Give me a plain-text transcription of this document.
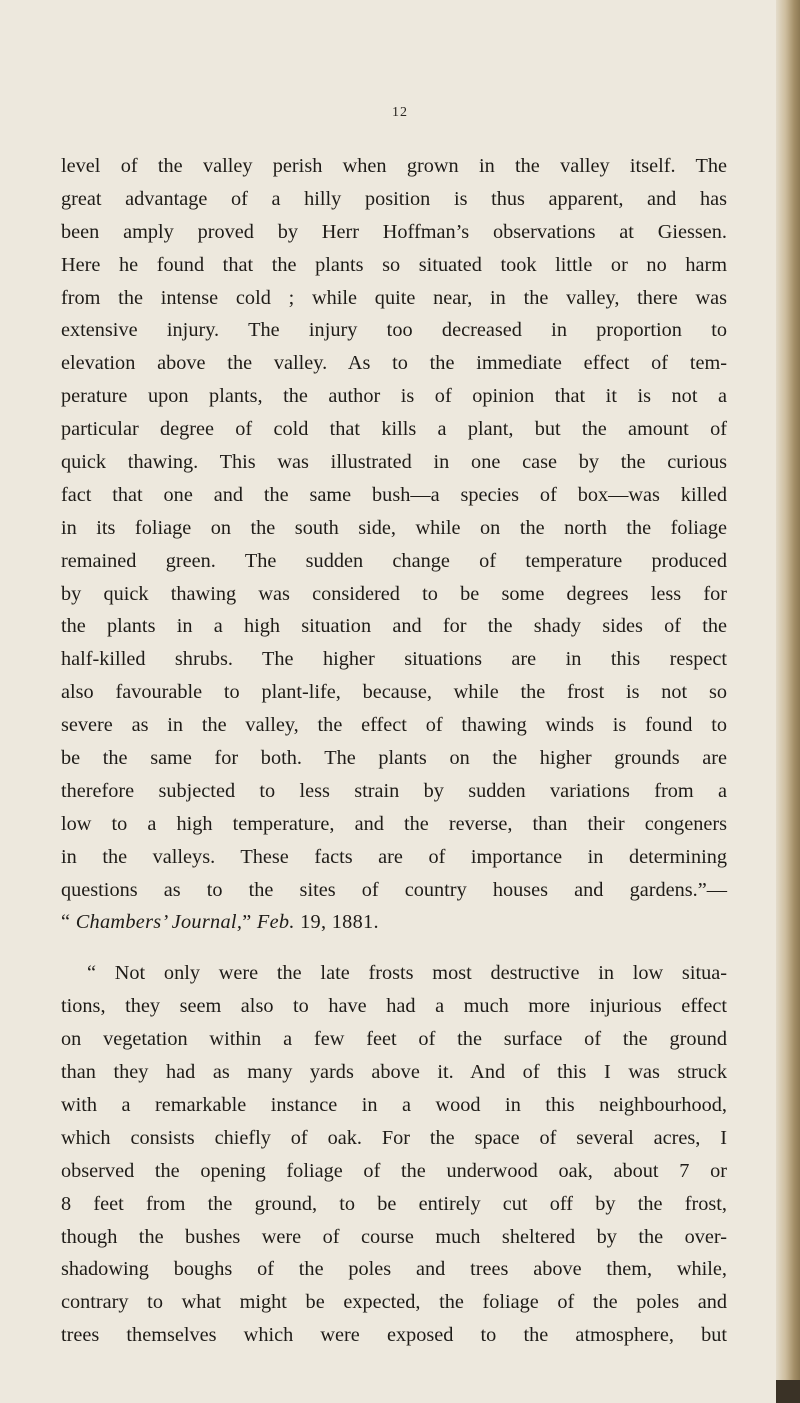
12
level of the valley perish when grown in the valley itself. The
great advantage of a hilly position is thus apparent, and has
been amply proved by Herr Hoffman’s observations at Giessen.
Here he found that the plants so situated took little or no harm
from the intense cold ; while quite near, in the valley, there was
extensive injury. The injury too decreased in proportion to
elevation above the valley. As to the immediate effect of tem-
perature upon plants, the author is of opinion that it is not a
particular degree of cold that kills a plant, but the amount of
quick thawing. This was illustrated in one case by the curious
fact that one and the same bush—a species of box—was killed
in its foliage on the south side, while on the north the foliage
remained green. The sudden change of temperature produced
by quick thawing was considered to be some degrees less for
the plants in a high situation and for the shady sides of the
half-killed shrubs. The higher situations are in this respect
also favourable to plant-life, because, while the frost is not so
severe as in the valley, the effect of thawing winds is found to
be the same for both. The plants on the higher grounds are
therefore subjected to less strain by sudden variations from a
low to a high temperature, and the reverse, than their congeners
in the valleys. These facts are of importance in determining
questions as to the sites of country houses and gardens.”—
“ Chambers’ Journal,” Feb. 19, 1881.
“ Not only were the late frosts most destructive in low situa-
tions, they seem also to have had a much more injurious effect
on vegetation within a few feet of the surface of the ground
than they had as many yards above it. And of this I was struck
with a remarkable instance in a wood in this neighbourhood,
which consists chiefly of oak. For the space of several acres, I
observed the opening foliage of the underwood oak, about 7 or
8 feet from the ground, to be entirely cut off by the frost,
though the bushes were of course much sheltered by the over-
shadowing boughs of the poles and trees above them, while,
contrary to what might be expected, the foliage of the poles and
trees themselves which were exposed to the atmosphere, but
